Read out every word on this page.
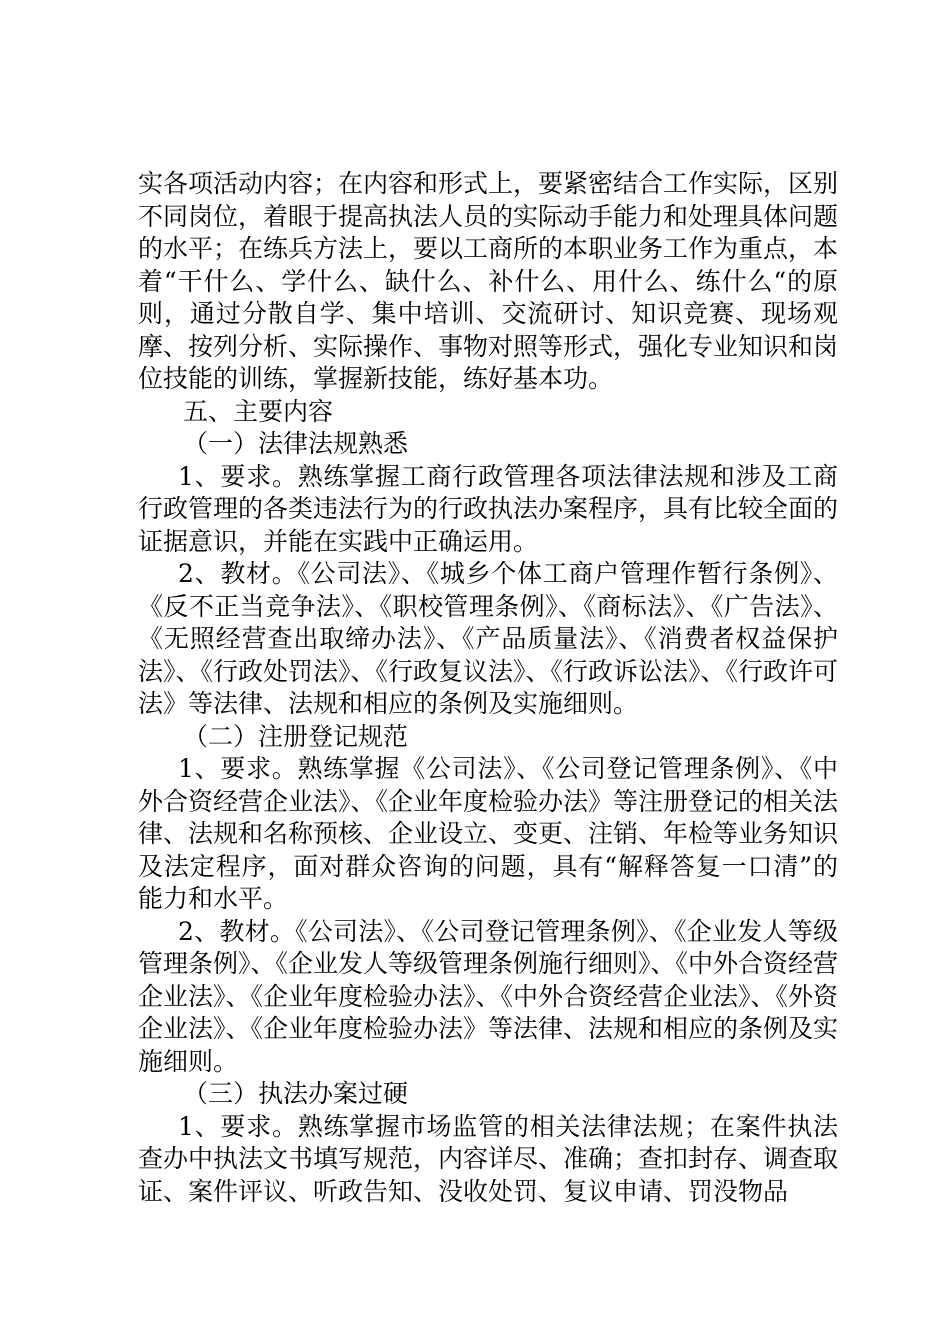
实各项活动内容；在内容和形式上，要紧密结合工作实际，区别不同岗位，着眼于提高执法人员的实际动手能力和处理具体问题的水平；在练兵方法上，要以工商所的本职业务工作为重点，本着“干什么、学什么、缺什么、补什么、用什么、练什么“的原则，通过分散自学、集中培训、交流研讨、知识竞赛、现场观摩、按列分析、实际操作、事物对照等形式，强化专业知识和岗位技能的训练，掌握新技能，练好基本功。

五、主要内容

（一）法律法规熟悉

1、要求。熟练掌握工商行政管理各项法律法规和涉及工商行政管理的各类违法行为的行政执法办案程序，具有比较全面的证据意识，并能在实践中正确运用。

2、教材。《公司法》、《城乡个体工商户管理作暂行条例》、《反不正当竞争法》、《职校管理条例》、《商标法》、《广告法》、《无照经营查出取缔办法》、《产品质量法》、《消费者权益保护法》、《行政处罚法》、《行政复议法》、《行政诉讼法》、《行政许可法》等法律、法规和相应的条例及实施细则。

（二）注册登记规范

1、要求。熟练掌握《公司法》、《公司登记管理条例》、《中外合资经营企业法》、《企业年度检验办法》等注册登记的相关法律、法规和名称预核、企业设立、变更、注销、年检等业务知识及法定程序，面对群众咨询的问题，具有“解释答复一口清”的能力和水平。

2、教材。《公司法》、《公司登记管理条例》、《企业发人等级管理条例》、《企业发人等级管理条例施行细则》、《中外合资经营企业法》、《企业年度检验办法》、《中外合资经营企业法》、《外资企业法》、《企业年度检验办法》等法律、法规和相应的条例及实施细则。

（三）执法办案过硬

1、要求。熟练掌握市场监管的相关法律法规；在案件执法查办中执法文书填写规范，内容详尽、准确；查扣封存、调查取证、案件评议、听政告知、没收处罚、复议申请、罚没物品
